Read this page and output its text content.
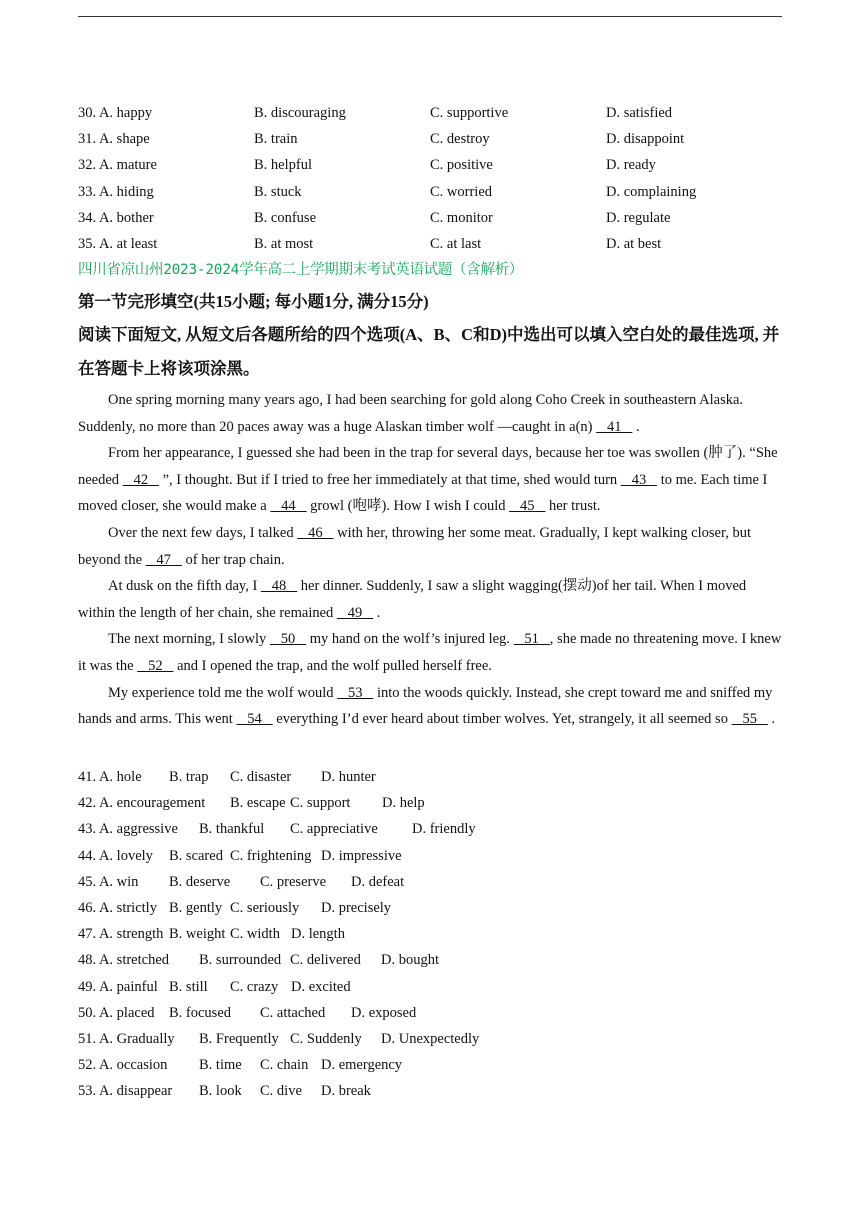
30. A. happy	B. discouraging	C. supportive	D. satisfied
31. A. shape	B. train	C. destroy	D. disappoint
32. A. mature	B. helpful	C. positive	D. ready
33. A. hiding	B. stuck	C. worried	D. complaining
34. A. bother	B. confuse	C. monitor	D. regulate
35. A. at least	B. at most	C. at last	D. at best
四川省凉山州2023-2024学年高二上学期期末考试英语试题（含解析）
第一节完形填空(共15小题; 每小题1分, 满分15分)
阅读下面短文, 从短文后各题所给的四个选项(A、B、C和D)中选出可以填入空白处的最佳选项, 并在答题卡上将该项涂黑。

One spring morning many years ago, I had been searching for gold along Coho Creek in southeastern Alaska. Suddenly, no more than 20 paces away was a huge Alaskan timber wolf —caught in a(n)    41    .

From her appearance, I guessed she had been in the trap for several days, because her toe was swollen (肿了). “She needed    42    ”, I thought. But if I tried to free her immediately at that time, shed would turn    43    to me. Each time I moved closer, she would make a    44    growl (咆哮). How I wish I could    45    her trust.

Over the next few days, I talked    46    with her, throwing her some meat. Gradually, I kept walking closer, but beyond the    47    of her trap chain.

At dusk on the fifth day, I    48    her dinner. Suddenly, I saw a slight wagging(摆动)of her tail. When I moved within the length of her chain, she remained    49    .

The next morning, I slowly    50    my hand on the wolf’s injured leg.    51   , she made no threatening move. I knew it was the    52    and I opened the trap, and the wolf pulled herself free.

My experience told me the wolf would    53    into the woods quickly. Instead, she crept toward me and sniffed my hands and arms. This went    54    everything I’d ever heard about timber wolves. Yet, strangely, it all seemed so    55    .

41. A. hole B. trap C. disaster D. hunter
42. A. encouragement B. escape C. support D. help
43. A. aggressive B. thankful C. appreciative D. friendly
44. A. lovely B. scared C. frightening D. impressive
45. A. win B. deserve C. preserve D. defeat
46. A. strictly B. gently C. seriously D. precisely
47. A. strength B. weight C. width D. length
48. A. stretched B. surrounded C. delivered D. bought
49. A. painful B. still C. crazy D. excited
50. A. placed B. focused C. attached D. exposed
51. A. Gradually B. Frequently C. Suddenly D. Unexpectedly
52. A. occasion B. time C. chain D. emergency
53. A. disappear B. look C. dive D. break
